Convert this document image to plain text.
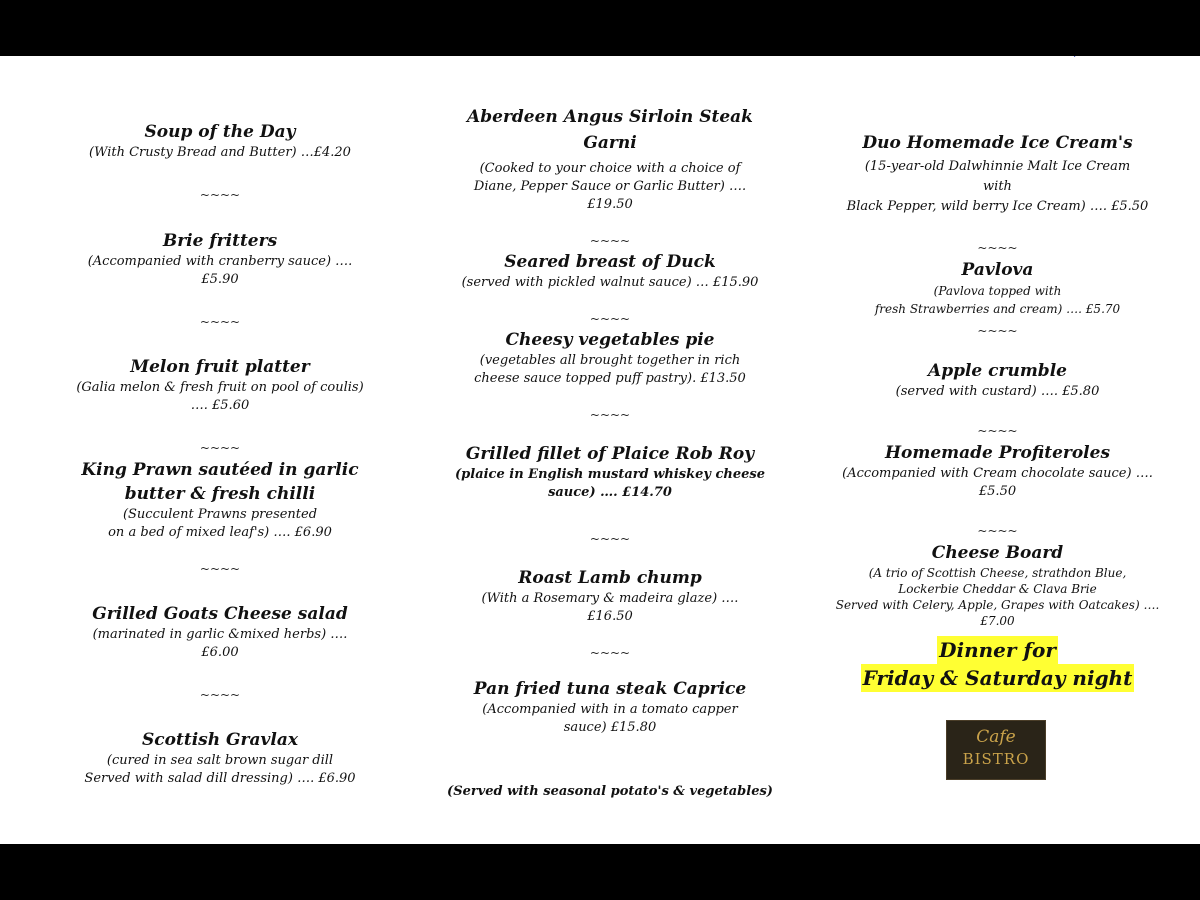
·
Soup of the Day
(With Crusty Bread and Butter) …£4.20
~~~~
Brie fritters
(Accompanied with cranberry sauce) ….
£5.90
~~~~
Melon fruit platter
(Galia melon & fresh fruit on pool of coulis)
…. £5.60
~~~~
King Prawn sautéed in garlic
butter & fresh chilli
(Succulent Prawns presented
on a bed of mixed leaf's) …. £6.90
~~~~
Grilled Goats Cheese salad
(marinated in garlic &mixed herbs) ….
£6.00
~~~~
Scottish Gravlax
(cured in sea salt brown sugar dill
Served with salad dill dressing) …. £6.90
Aberdeen Angus Sirloin Steak
Garni
(Cooked to your choice with a choice of
Diane, Pepper Sauce or Garlic Butter) ….
£19.50
~~~~
Seared breast of Duck
(served with pickled walnut sauce) … £15.90
~~~~
Cheesy vegetables pie
(vegetables all brought together in rich
cheese sauce topped puff pastry). £13.50
~~~~
Grilled fillet of Plaice Rob Roy
(plaice in English mustard whiskey cheese
sauce) …. £14.70
~~~~
Roast Lamb chump
(With a Rosemary & madeira glaze) ….
£16.50
~~~~
Pan fried tuna steak Caprice
(Accompanied with in a tomato capper
sauce) £15.80
(Served with seasonal potato's & vegetables)
Duo Homemade Ice Cream's
(15-year-old Dalwhinnie Malt Ice Cream
with
Black Pepper, wild berry Ice Cream) …. £5.50
~~~~
Pavlova
(Pavlova topped with
fresh Strawberries and cream) …. £5.70
~~~~
Apple crumble
(served with custard) …. £5.80
~~~~
Homemade Profiteroles
(Accompanied with Cream chocolate sauce) ….
£5.50
~~~~
Cheese Board
(A trio of Scottish Cheese, strathdon Blue,
Lockerbie Cheddar & Clava Brie
Served with Celery, Apple, Grapes with Oatcakes) ….
£7.00
Dinner for
Friday & Saturday night
Cafe
BISTRO
